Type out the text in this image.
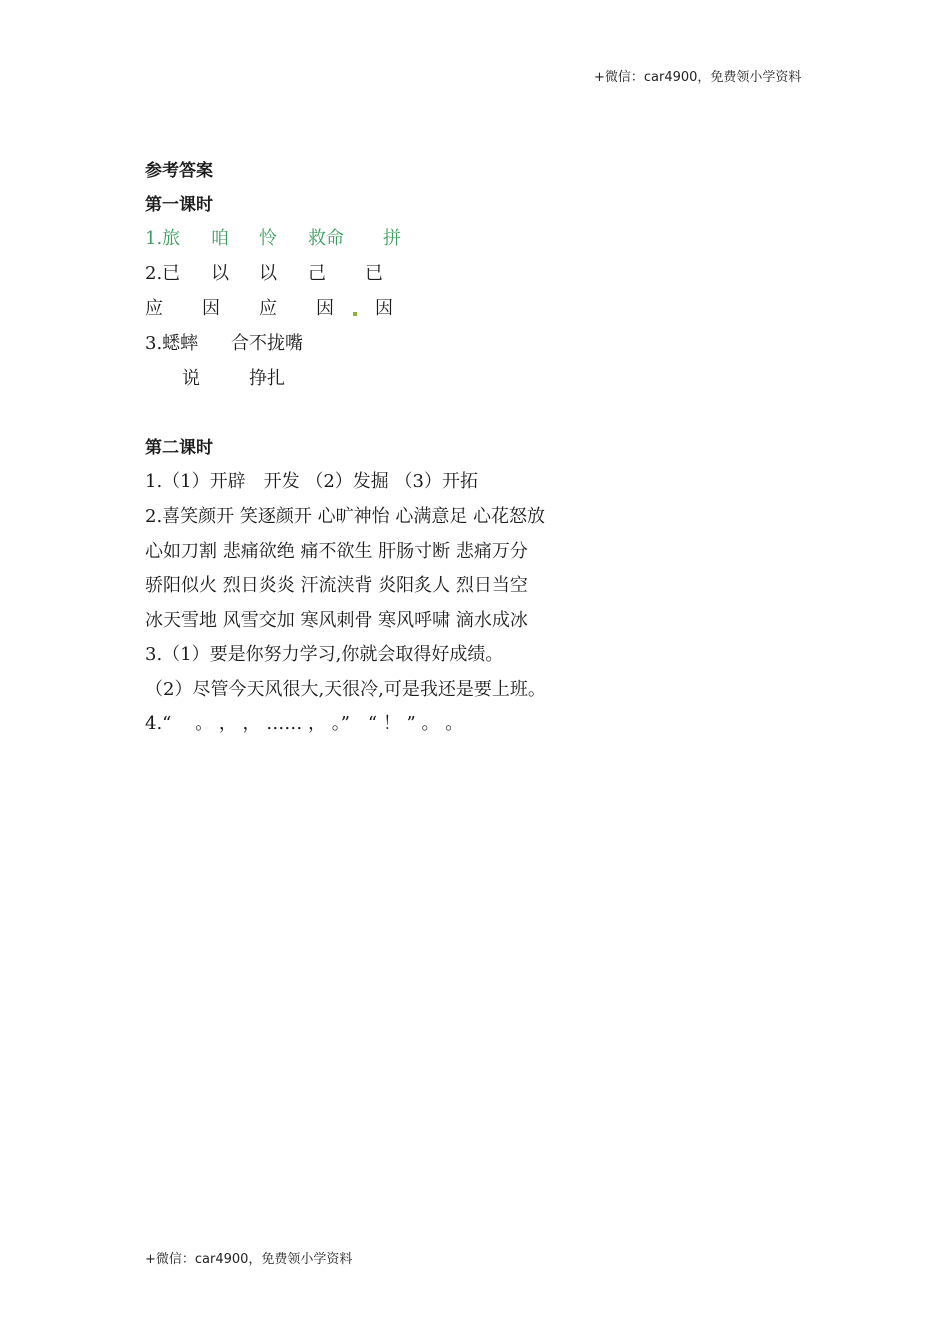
+微信：car4900，免费领小学资料
参考答案
第一课时
1.旅 咱 怜 救命 拼
2.已 以 以 己 已
应 因 应 因 因
3.蟋蟀 合不拢嘴
说	挣扎
第二课时
1.（1）开辟　开发 （2）发掘 （3）开拓
2.喜笑颜开 笑逐颜开 心旷神怡 心满意足 心花怒放
心如刀割 悲痛欲绝 痛不欲生 肝肠寸断 悲痛万分
骄阳似火 烈日炎炎 汗流浃背 炎阳炙人 烈日当空
冰天雪地 风雪交加 寒风刺骨 寒风呼啸 滴水成冰
3.（1）要是你努力学习,你就会取得好成绩。
（2）尽管今天风很大,天很冷,可是我还是要上班。
4.“　 。 ， ， …… ， 。”　“ ！ ” 。 。
+微信：car4900，免费领小学资料
